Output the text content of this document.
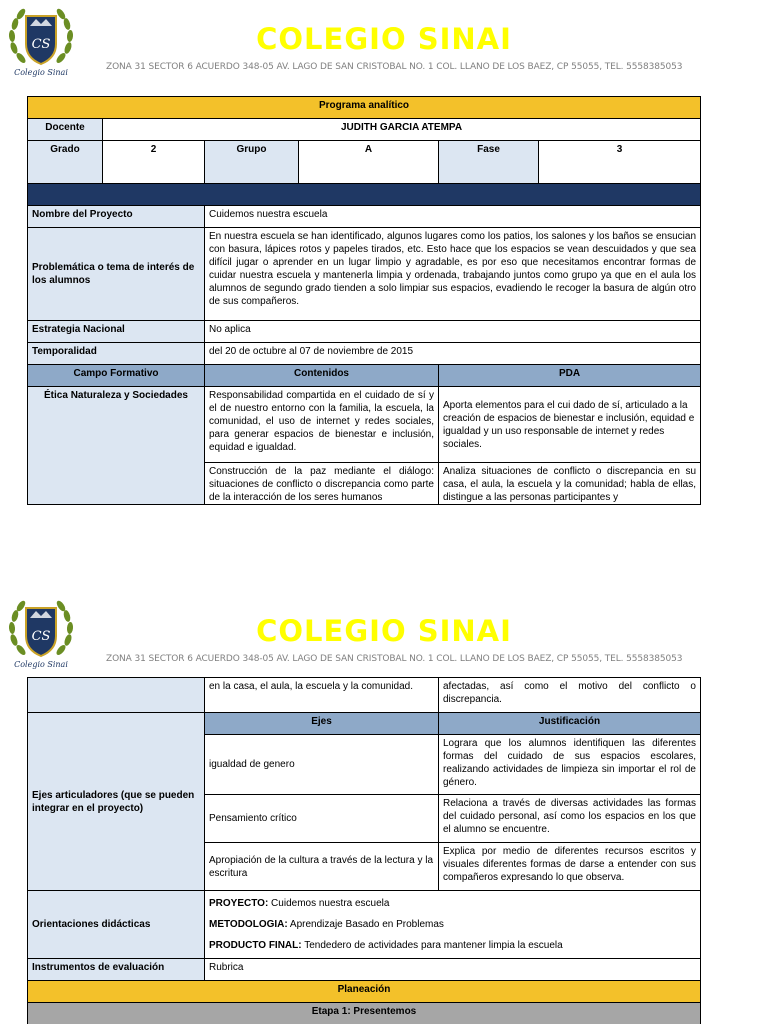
CS
Colegio Sinai
COLEGIO SINAI
ZONA 31 SECTOR 6 ACUERDO 348-05 AV. LAGO DE SAN CRISTOBAL NO. 1 COL. LLANO DE LOS BAEZ, CP 55055, TEL. 5558385053
Programa analítico					
Docente	JUDITH GARCIA ATEMPA				
Grado	2	Grupo	A	Fase	3

Nombre del Proyecto		Cuidemos nuestra escuela			
Problemática o tema de interés de los alumnos		En nuestra escuela se han identificado, algunos lugares como los patios, los salones y los baños se ensucian con basura, lápices rotos y papeles tirados, etc. Esto hace que los espacios se vean descuidados y que sea difícil jugar o aprender en un lugar limpio y agradable, es por eso que necesitamos encontrar formas de cuidar nuestra escuela y mantenerla limpia y ordenada, trabajando juntos como grupo ya que en el aula los alumnos de segundo grado tienden a solo limpiar sus espacios, evadiendo le recoger la basura de algún otro de sus compañeros.			
Estrategia Nacional		No aplica			
Temporalidad		del 20 de octubre al 07 de noviembre de 2015			
Campo Formativo		Contenidos		PDA	
Ética Naturaleza y Sociedades		Responsabilidad compartida en el cuidado de sí y el de nuestro entorno con la familia, la escuela, la comunidad, el uso de internet y redes sociales, para generar espacios de bienestar e inclusión, equidad e igualdad.		Aporta elementos para el cui dado de sí, articulado a la creación de espacios de bienestar e inclusión, equidad e igualdad y un uso responsable de internet y redes sociales.	

		Construcción de la paz mediante el diálogo: situaciones de conflicto o discrepancia como parte de la interacción de los seres humanos		Analiza situaciones de conflicto o discrepancia en su casa, el aula, la escuela y la comunidad; habla de ellas, distingue a las personas participantes y	
CS
Colegio Sinai
COLEGIO SINAI
ZONA 31 SECTOR 6 ACUERDO 348-05 AV. LAGO DE SAN CRISTOBAL NO. 1 COL. LLANO DE LOS BAEZ, CP 55055, TEL. 5558385053
	en la casa, el aula, la escuela y la comunidad.	afectadas, así como el motivo del conflicto o discrepancia.
Ejes articuladores (que se pueden integrar en el proyecto)	Ejes	Justificación
	igualdad de genero	Lograra que los alumnos identifiquen las diferentes formas del cuidado de sus espacios escolares, realizando actividades de limpieza sin importar el rol de género.
	Pensamiento crítico	Relaciona a través de diversas actividades las formas del cuidado personal, así como los espacios en los que el alumno se encuentre.
	Apropiación de la cultura a través de la lectura y la escritura	Explica por medio de diferentes recursos escritos y visuales diferentes formas de darse a entender con sus compañeros expresando lo que observa.
Orientaciones didácticas	PROYECTO: Cuidemos nuestra escuela
METODOLOGIA: Aprendizaje Basado en Problemas
PRODUCTO FINAL: Tendedero de actividades para mantener limpia la escuela	

Instrumentos de evaluación	Rubrica	
Planeación		
Etapa 1: Presentemos		
